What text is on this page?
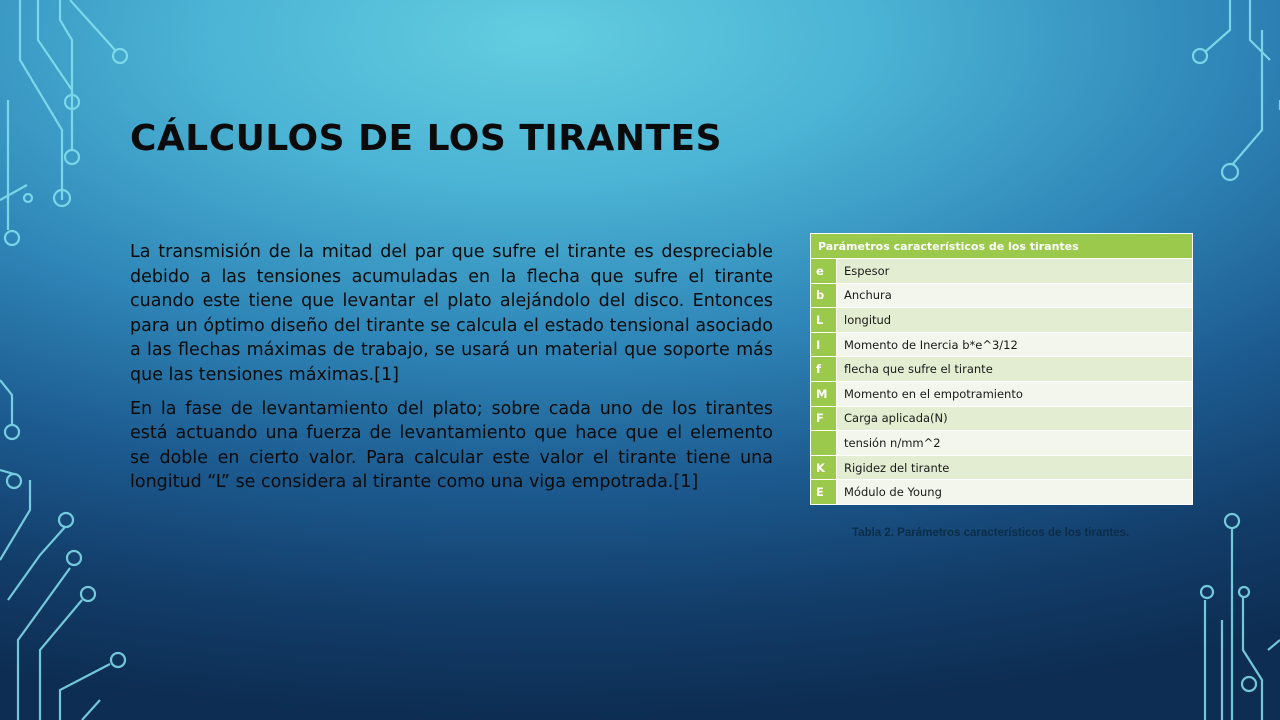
CÁLCULOS DE LOS TIRANTES

La transmisión de la mitad del par que sufre el tirante es despreciable debido a las tensiones acumuladas en la flecha que sufre el tirante cuando este tiene que levantar el plato alejándolo del disco. Entonces para un óptimo diseño del tirante se calcula el estado tensional asociado a las flechas máximas de trabajo, se usará un material que soporte más que las tensiones máximas.[1]

En la fase de levantamiento del plato; sobre cada uno de los tirantes está actuando una fuerza de levantamiento que hace que el elemento se doble en cierto valor. Para calcular este valor el tirante tiene una longitud “L” se considera al tirante como una viga empotrada.[1]

Parámetros característicos de los tirantes	
e	Espesor
b	Anchura
L	longitud
I	Momento de Inercia b*e^3/12
f	flecha que sufre el tirante
M	Momento en el empotramiento
F	Carga aplicada(N)
	tensión n/mm^2
K	Rigidez del tirante
E	Módulo de Young

Tabla 2. Parámetros característicos de los tirantes.
